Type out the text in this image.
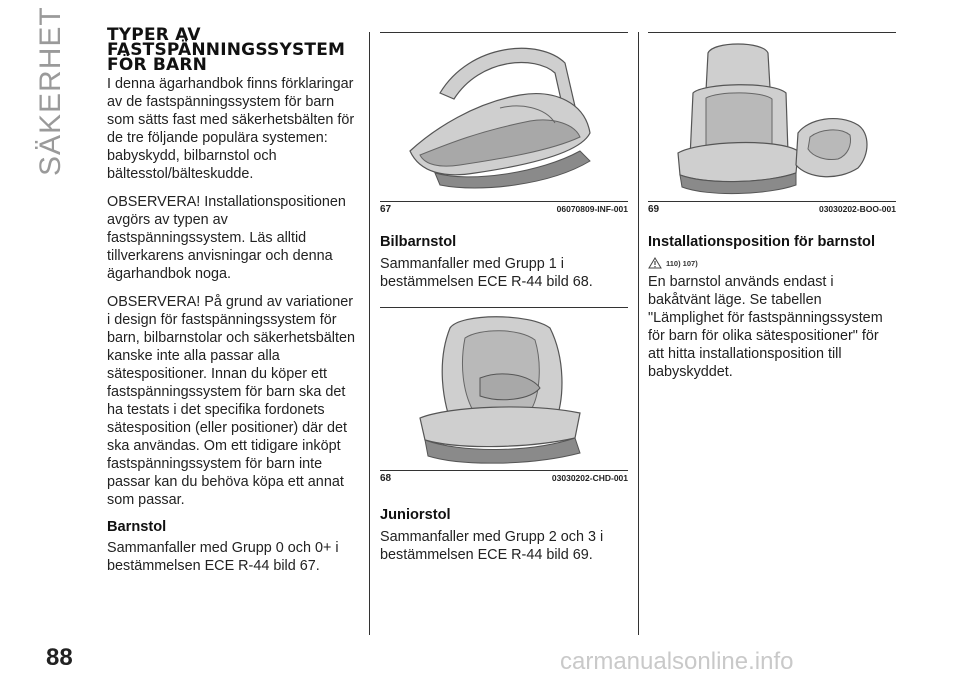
SÄKERHET TYPER AV
FASTSPÄNNINGSSYSTEM
FÖR BARN

I denna ägarhandbok finns förklaringar av de fastspänningssystem för barn som sätts fast med säkerhetsbälten för de tre följande populära systemen: babyskydd, bilbarnstol och bältesstol/bälteskudde.

OBSERVERA! Installationspositionen avgörs av typen av fastspänningssystem. Läs alltid tillverkarens anvisningar och denna ägarhandbok noga.

OBSERVERA! På grund av variationer i design för fastspänningssystem för barn, bilbarnstolar och säkerhetsbälten kanske inte alla passar alla sätespositioner. Innan du köper ett fastspänningssystem för barn ska det ha testats i det specifika fordonets sätesposition (eller positioner) där det ska användas. Om ett tidigare inköpt fastspänningssystem för barn inte passar kan du behöva köpa ett annat som passar.

Barnstol

Sammanfaller med Grupp 0 och 0+ i bestämmelsen ECE R-44 bild 67.

67	06070809-INF-001
Bilbarnstol

Sammanfaller med Grupp 1 i bestämmelsen ECE R-44 bild 68.

68	03030202-CHD-001
Juniorstol

Sammanfaller med Grupp 2 och 3 i bestämmelsen ECE R-44 bild 69.

69	03030202-BOO-001
Installationsposition för barnstol
110) 107)

En barnstol används endast i bakåtvänt läge. Se tabellen "Lämplighet för fastspänningssystem för barn för olika sätespositioner" för att hitta installationsposition till babyskyddet.

88	carmanualsonline.info
